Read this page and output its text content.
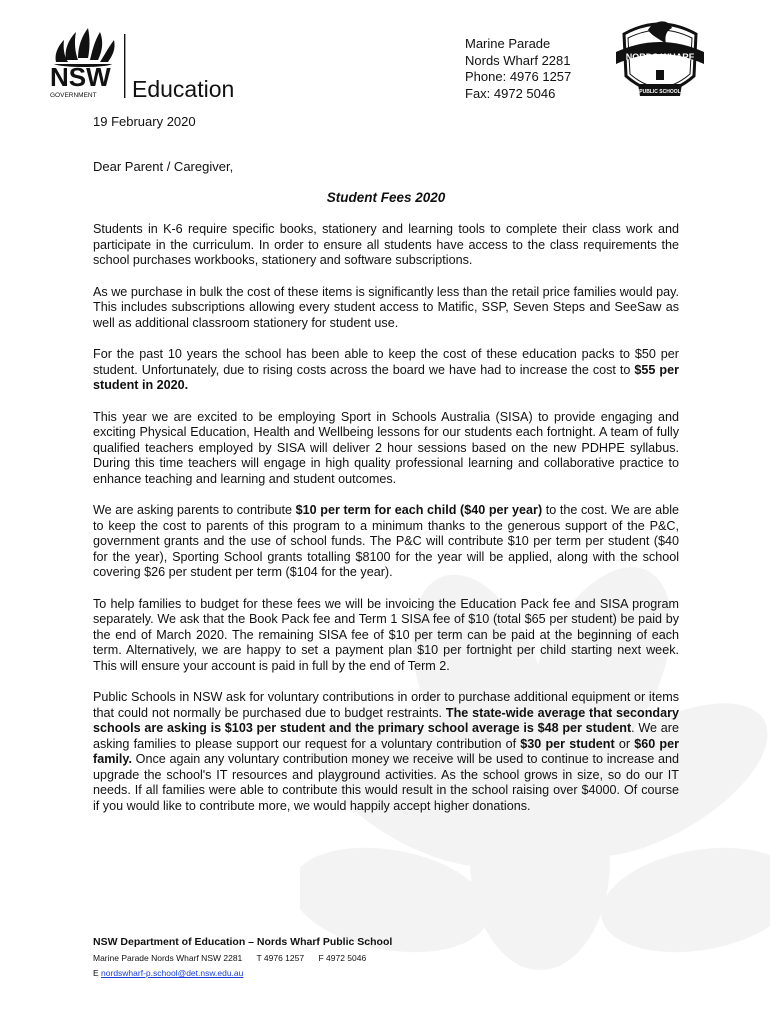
NSW
GOVERNMENT Education
Marine Parade
Nords Wharf 2281
Phone: 4976 1257
Fax: 4972 5046
NORDS WHARF
PUBLIC SCHOOL
19 February 2020
Dear Parent / Caregiver,
Student Fees 2020

Students in K-6 require specific books, stationery and learning tools to complete their class work and participate in the curriculum. In order to ensure all students have access to the class requirements the school purchases workbooks, stationery and software subscriptions.

As we purchase in bulk the cost of these items is significantly less than the retail price families would pay. This includes subscriptions allowing every student access to Matific, SSP, Seven Steps and SeeSaw as well as additional classroom stationery for student use.

For the past 10 years the school has been able to keep the cost of these education packs to $50 per student. Unfortunately, due to rising costs across the board we have had to increase the cost to $55 per student in 2020.

This year we are excited to be employing Sport in Schools Australia (SISA) to provide engaging and exciting Physical Education, Health and Wellbeing lessons for our students each fortnight. A team of fully qualified teachers employed by SISA will deliver 2 hour sessions based on the new PDHPE syllabus. During this time teachers will engage in high quality professional learning and collaborative practice to enhance teaching and learning and student outcomes.

We are asking parents to contribute $10 per term for each child ($40 per year) to the cost. We are able to keep the cost to parents of this program to a minimum thanks to the generous support of the P&C, government grants and the use of school funds. The P&C will contribute $10 per term per student ($40 for the year), Sporting School grants totalling $8100 for the year will be applied, along with the school covering $26 per student per term ($104 for the year).

To help families to budget for these fees we will be invoicing the Education Pack fee and SISA program separately. We ask that the Book Pack fee and Term 1 SISA fee of $10 (total $65 per student) be paid by the end of March 2020. The remaining SISA fee of $10 per term can be paid at the beginning of each term. Alternatively, we are happy to set a payment plan $10 per fortnight per child starting next week. This will ensure your account is paid in full by the end of Term 2.

Public Schools in NSW ask for voluntary contributions in order to purchase additional equipment or items that could not normally be purchased due to budget restraints. The state-wide average that secondary schools are asking is $103 per student and the primary school average is $48 per student. We are asking families to please support our request for a voluntary contribution of $30 per student or $60 per family. Once again any voluntary contribution money we receive will be used to continue to increase and upgrade the school's IT resources and playground activities. As the school grows in size, so do our IT needs. If all families were able to contribute this would result in the school raising over $4000. Of course if you would like to contribute more, we would happily accept higher donations.

NSW Department of Education – Nords Wharf Public School
Marine Parade Nords Wharf NSW 2281 T 4976 1257 F 4972 5046
E nordswharf-p.school@det.nsw.edu.au
